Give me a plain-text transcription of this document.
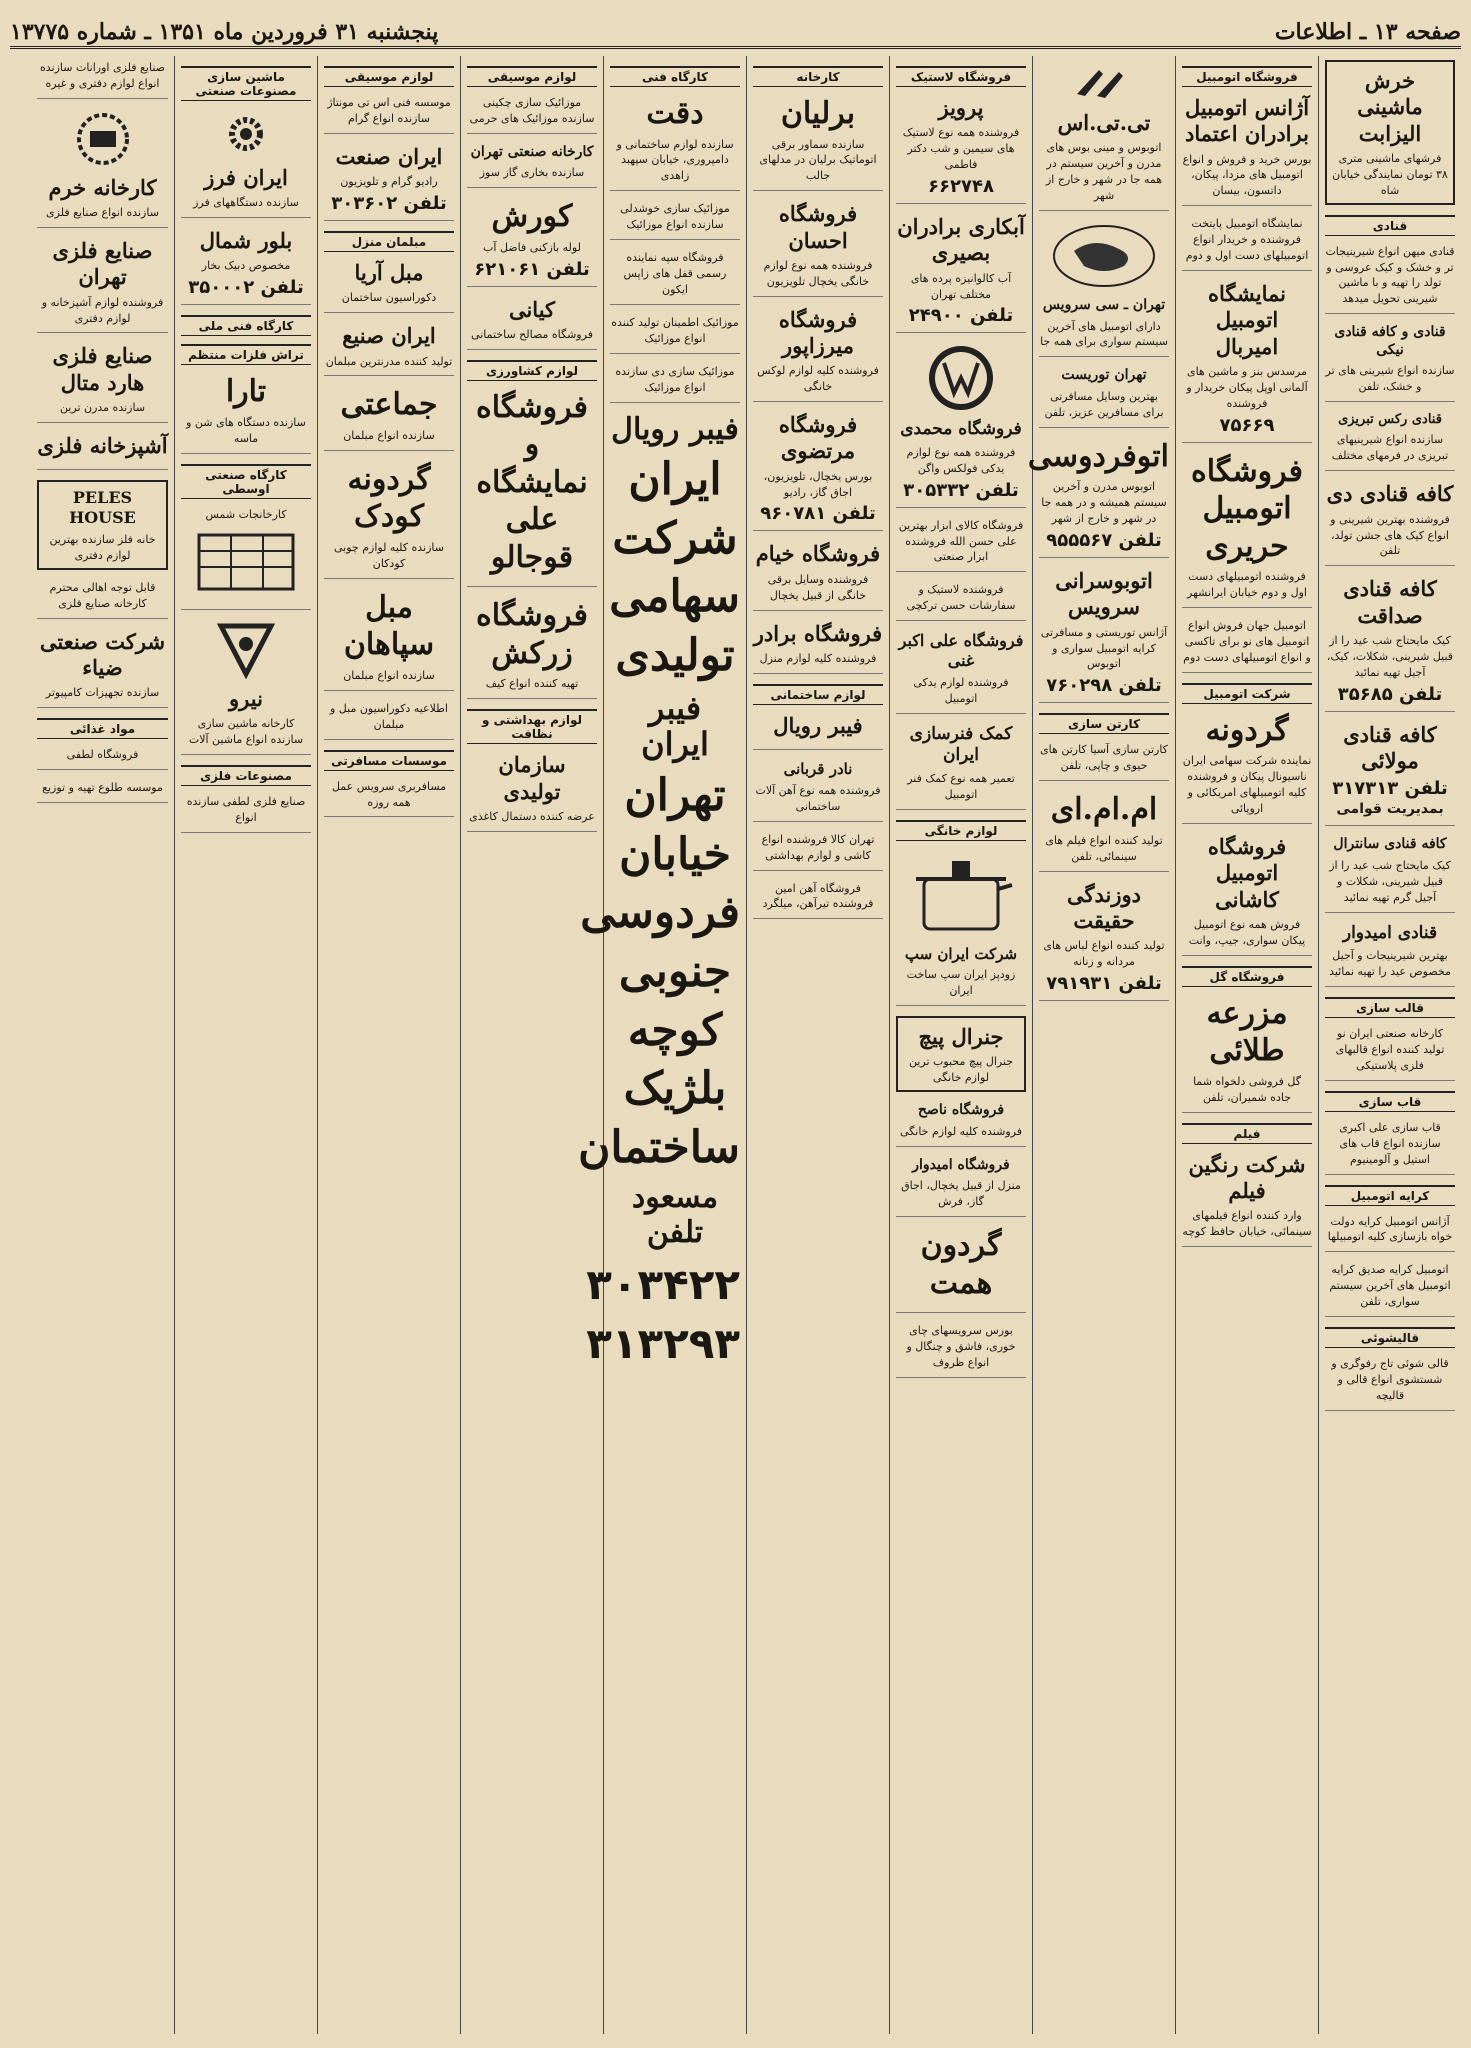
صفحه ۱۳ ـ اطلاعات
پنجشنبه ۳۱ فروردین ماه ۱۳۵۱ ـ شماره ۱۳۷۷۵
خرش ماشینی الیزابت
فرشهای ماشینی متری ۳۸ تومان نمایندگی خیابان شاه
قنادی
قنادی میهن انواع شیرینیجات تر و خشک و کیک عروسی و تولد را تهیه و با ماشین شیرینی تحویل میدهد
قنادی و کافه قنادی نیکی
سازنده انواع شیرینی های تر و خشک، تلفن
قنادی رکس تبریزی
سازنده انواع شیرینیهای تبریزی در فرمهای مختلف
کافه قنادی دی
فروشنده بهترین شیرینی و انواع کیک های جشن تولد، تلفن
کافه قنادی صداقت
کیک مایحتاج شب عید را از قبیل شیرینی، شکلات، کیک، آجیل تهیه نمائید
تلفن ۳۵۶۸۵
کافه قنادی مولائی
تلفن ۳۱۷۳۱۳
بمدیریت قوامی
کافه قنادی سانترال
کیک مایحتاج شب عید را از قبیل شیرینی، شکلات و آجیل گرم تهیه نمائید
قنادی امیدوار
بهترین شیرینیجات و آجیل مخصوص عید را تهیه نمائید
قالب سازی
کارخانه صنعتی ایران نو تولید کننده انواع قالبهای فلزی پلاستیکی
قاب سازی
قاب سازی علی اکبری سازنده انواع قاب های استیل و آلومینیوم
کرایه اتومبیل
آژانس اتومبیل کرایه دولت خواه بازسازی کلیه اتومبیلها
اتومبیل کرایه صدیق کرایه اتومبیل های آخرین سیستم سواری، تلفن
قالیشوئی
قالی شوئی تاج رفوگری و شستشوی انواع قالی و قالیچه
فروشگاه اتومبیل
آژانس اتومبیل برادران اعتماد
بورس خرید و فروش و انواع اتومبیل های مزدا، پیکان، داتسون، بیسان
نمایشگاه اتومبیل پایتخت فروشنده و خریدار انواع اتومبیلهای دست اول و دوم
نمایشگاه اتومبیل امیربال
مرسدس بنز و ماشین های آلمانی اوپل پیکان خریدار و فروشنده
۷۵۶۶۹
فروشگاه اتومبیل حریری
فروشنده اتومبیلهای دست اول و دوم خیابان ایرانشهر
اتومبیل جهان فروش انواع اتومبیل های نو برای تاکسی و انواع اتومبیلهای دست دوم
شرکت اتومبیل
گردونه
نماینده شرکت سهامی ایران ناسیونال پیکان و فروشنده کلیه اتومبیلهای امریکائی و اروپائی
فروشگاه اتومبیل کاشانی
فروش همه نوع اتومبیل پیکان سواری، جیپ، وانت
فروشگاه گل
مزرعه طلائی
گل فروشی دلخواه شما جاده شمیران، تلفن
فیلم
شرکت رنگین فیلم
وارد کننده انواع فیلمهای سینمائی، خیابان حافظ کوچه
تی.تی.اس
اتوبوس و مینی بوس های مدرن و آخرین سیستم در همه جا در شهر و خارج از شهر
تهران ـ سی سرویس
دارای اتومبیل های آخرین سیستم سواری برای همه جا
تهران توریست
بهترین وسایل مسافرتی برای مسافرین عزیز، تلفن
اتوفردوسی
اتوبوس مدرن و آخرین سیستم همیشه و در همه جا در شهر و خارج از شهر
تلفن ۹۵۵۵۶۷
اتوبوسرانی سرویس
آژانس توریستی و مسافرتی کرایه اتومبیل سواری و اتوبوس
تلفن ۷۶۰۲۹۸
کارتن سازی
کارتن سازی آسیا کارتن های حیوی و چاپی، تلفن
ام.ام.ای
تولید کننده انواع فیلم های سینمائی، تلفن
دوزندگی حقیقت
تولید کننده انواع لباس های مردانه و زنانه
تلفن ۷۹۱۹۳۱
فروشگاه لاستیک
پرویز
فروشنده همه نوع لاستیک های سیمین و شب دکتر فاطمی
۶۶۲۷۴۸
آبکاری برادران بصیری
آب کالوانیزه پرده های مختلف تهران
تلفن ۲۴۹۰۰
فروشگاه محمدی
فروشنده همه نوع لوازم یدکی فولکس واگن
تلفن ۳۰۵۳۳۲
فروشگاه کالای ابزار بهترین علی حسن الله فروشنده ابزار صنعتی
فروشنده لاستیک و سفارشات حسن ترکچی
فروشگاه علی اکبر غنی
فروشنده لوازم یدکی اتومبیل
کمک فنرسازی ایران
تعمیر همه نوع کمک فنر اتومبیل
لوازم خانگی
شرکت ایران سپ
زودپز ایران سپ ساخت ایران
جنرال پیچ
جنرال پیچ محبوب ترین لوازم خانگی
فروشگاه ناصح
فروشنده کلیه لوازم خانگی
فروشگاه امیدوار
منزل از قبیل یخچال، اجاق گاز، فرش
گردون همت
بورس سرویسهای چای خوری، فاشق و چنگال و انواع ظروف
کارخانه
برلیان
سازنده سماور برقی اتوماتیک برلیان در مدلهای جالب
فروشگاه احسان
فروشنده همه نوع لوازم خانگی یخچال تلویزیون
فروشگاه میرزاپور
فروشنده کلیه لوازم لوکس خانگی
فروشگاه مرتضوی
بورس یخچال، تلویزیون، اجاق گاز، رادیو
تلفن ۹۶۰۷۸۱
فروشگاه خیام
فروشنده وسایل برقی خانگی از قبیل یخچال
فروشگاه برادر
فروشنده کلیه لوازم منزل
لوازم ساختمانی
فیبر رویال
نادر قربانی
فروشنده همه نوع آهن آلات ساختمانی
تهران کالا فروشنده انواع کاشی و لوازم بهداشتی
فروشگاه آهن امین فروشنده تیرآهن، میلگرد
کارگاه فنی
دقت
سازنده لوازم ساختمانی و دامپروری، خیابان سپهبد زاهدی
موزائیک سازی خوشدلی سازنده انواع موزائیک
فروشگاه سپه نماینده رسمی قفل های زاپس ایکون
موزائیک اطمینان تولید کننده انواع موزائیک
موزائیک سازی دی سازنده انواع موزائیک
فیبر رویال
ایران
شرکت
سهامی
تولیدی
فیبر ایران
تهران
خیابان
فردوسی
جنوبی
کوچه
بلژیک
ساختمان
مسعود تلفن
۳۰۳۴۲۲
۳۱۳۲۹۳
لوازم موسیقی
موزائیک سازی چکینی سازنده موزائیک های حرمی
کارخانه صنعتی تهران
سازنده بخاری گاز سوز
کورش
لوله بازکنی فاضل آب
تلفن ۶۲۱۰۶۱
کیانی
فروشگاه مصالح ساختمانی
لوازم کشاورزی
فروشگاه و نمایشگاه علی قوجالو
فروشگاه زرکش
تهیه کننده انواع کیف
لوازم بهداشتی و نظافت
سازمان تولیدی
عرضه کننده دستمال کاغذی
لوازم موسیقی
موسسه فنی اس تی مونتاژ سازنده انواع گرام
ایران صنعت
رادیو گرام و تلویزیون
تلفن ۳۰۳۶۰۲
مبلمان منزل
مبل آریا
دکوراسیون ساختمان
ایران صنیع
تولید کننده مدرنترین مبلمان
جماعتی
سازنده انواع مبلمان
گردونه کودک
سازنده کلیه لوازم چوبی کودکان
مبل سپاهان
سازنده انواع مبلمان
اطلاعیه دکوراسیون مبل و مبلمان
موسسات مسافرتی
مسافربری سرویس عمل همه روزه
ماشین سازی مصنوعات صنعتی
ایران فرز
سازنده دستگاههای فرز
بلور شمال
مخصوص دبیک بخار
تلفن ۳۵۰۰۰۲
کارگاه فنی ملی
تراش فلزات منتظم
تارا
سازنده دستگاه های شن و ماسه
کارگاه صنعتی اوسطی
کارخانجات شمس
نیرو
کارخانه ماشین سازی سازنده انواع ماشین آلات
مصنوعات فلزی
صنایع فلزی لطفی سازنده انواع
صنایع فلزی اورانات سازنده انواع لوازم دفتری و غیره
کارخانه خرم
سازنده انواع صنایع فلزی
صنایع فلزی تهران
فروشنده لوازم آشپزخانه و لوازم دفتری
صنایع فلزی هارد متال
سازنده مدرن ترین
آشپزخانه فلزی
PELES HOUSE
خانه فلز سازنده بهترین لوازم دفتری
قابل توجه اهالی محترم کارخانه صنایع فلزی
شرکت صنعتی ضیاء
سازنده تجهیزات کامپیوتر
مواد غذائی
فروشگاه لطفی
موسسه طلوع تهیه و توزیع
